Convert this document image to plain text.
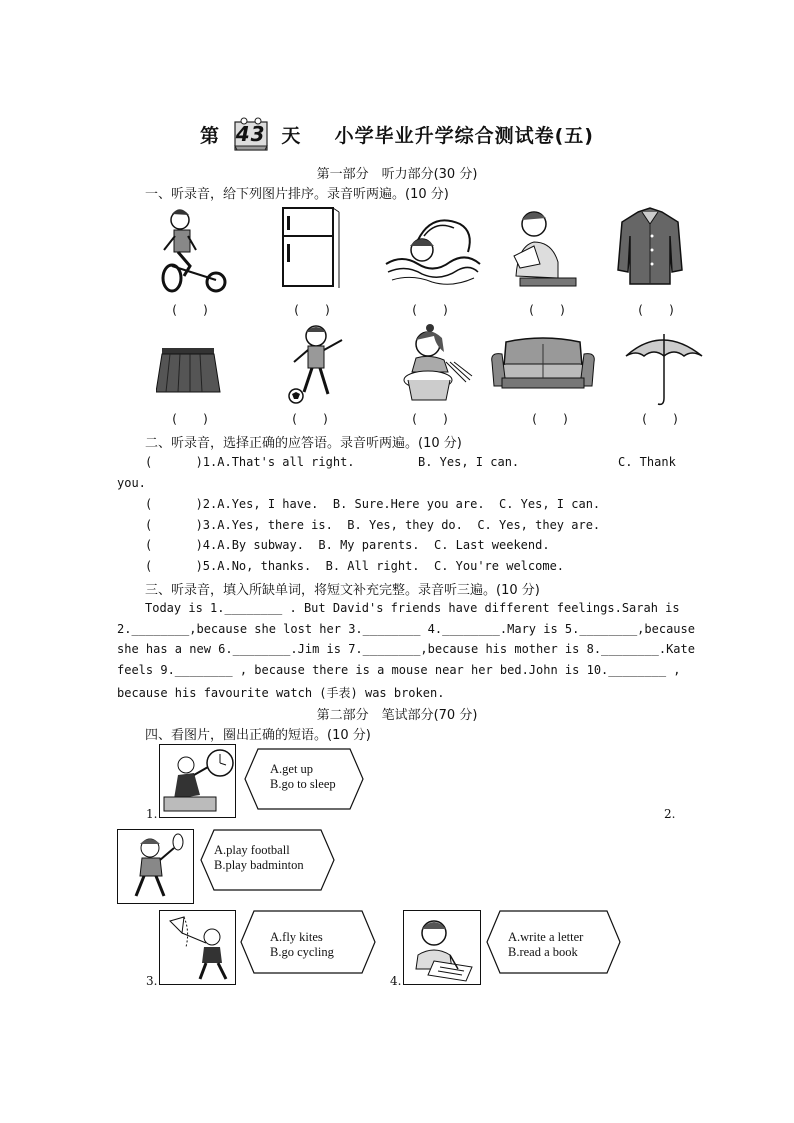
第 43 天 小学毕业升学综合测试卷(五)
第一部分　听力部分(30 分)
一、听录音，给下列图片排序。录音听两遍。(10 分)
(　　)	(　　)	(　　)	(　　)	(　　)
(　　)	(　　)	(　　)	(　　)	(　　)
二、听录音，选择正确的应答语。录音听两遍。(10 分)
(      )1.A.That's all right.	B. Yes, I can.	C. Thank
you.
(      )2.A.Yes, I have.  B. Sure.Here you are.  C. Yes, I can.
(      )3.A.Yes, there is.  B. Yes, they do.  C. Yes, they are.
(      )4.A.By subway.  B. My parents.  C. Last weekend.
(      )5.A.No, thanks.  B. All right.  C. You're welcome.
三、听录音，填入所缺单词，将短文补充完整。录音听三遍。(10 分)
Today is 1.________ . But David's friends have different feelings.Sarah is
2.________,because she lost her 3.________ 4.________.Mary is 5.________,because
she has a new 6.________.Jim is 7.________,because his mother is 8.________.Kate
feels 9.________ , because there is a mouse near her bed.John is 10.________ ,
because his favourite watch (手表) was broken.
第二部分　笔试部分(70 分)
四、看图片，圈出正确的短语。(10 分)
A.get up
B.go to sleep
1.	2.
A.play football
B.play badminton
A.fly kites
B.go cycling
3.
A.write a letter
B.read a book
4.
